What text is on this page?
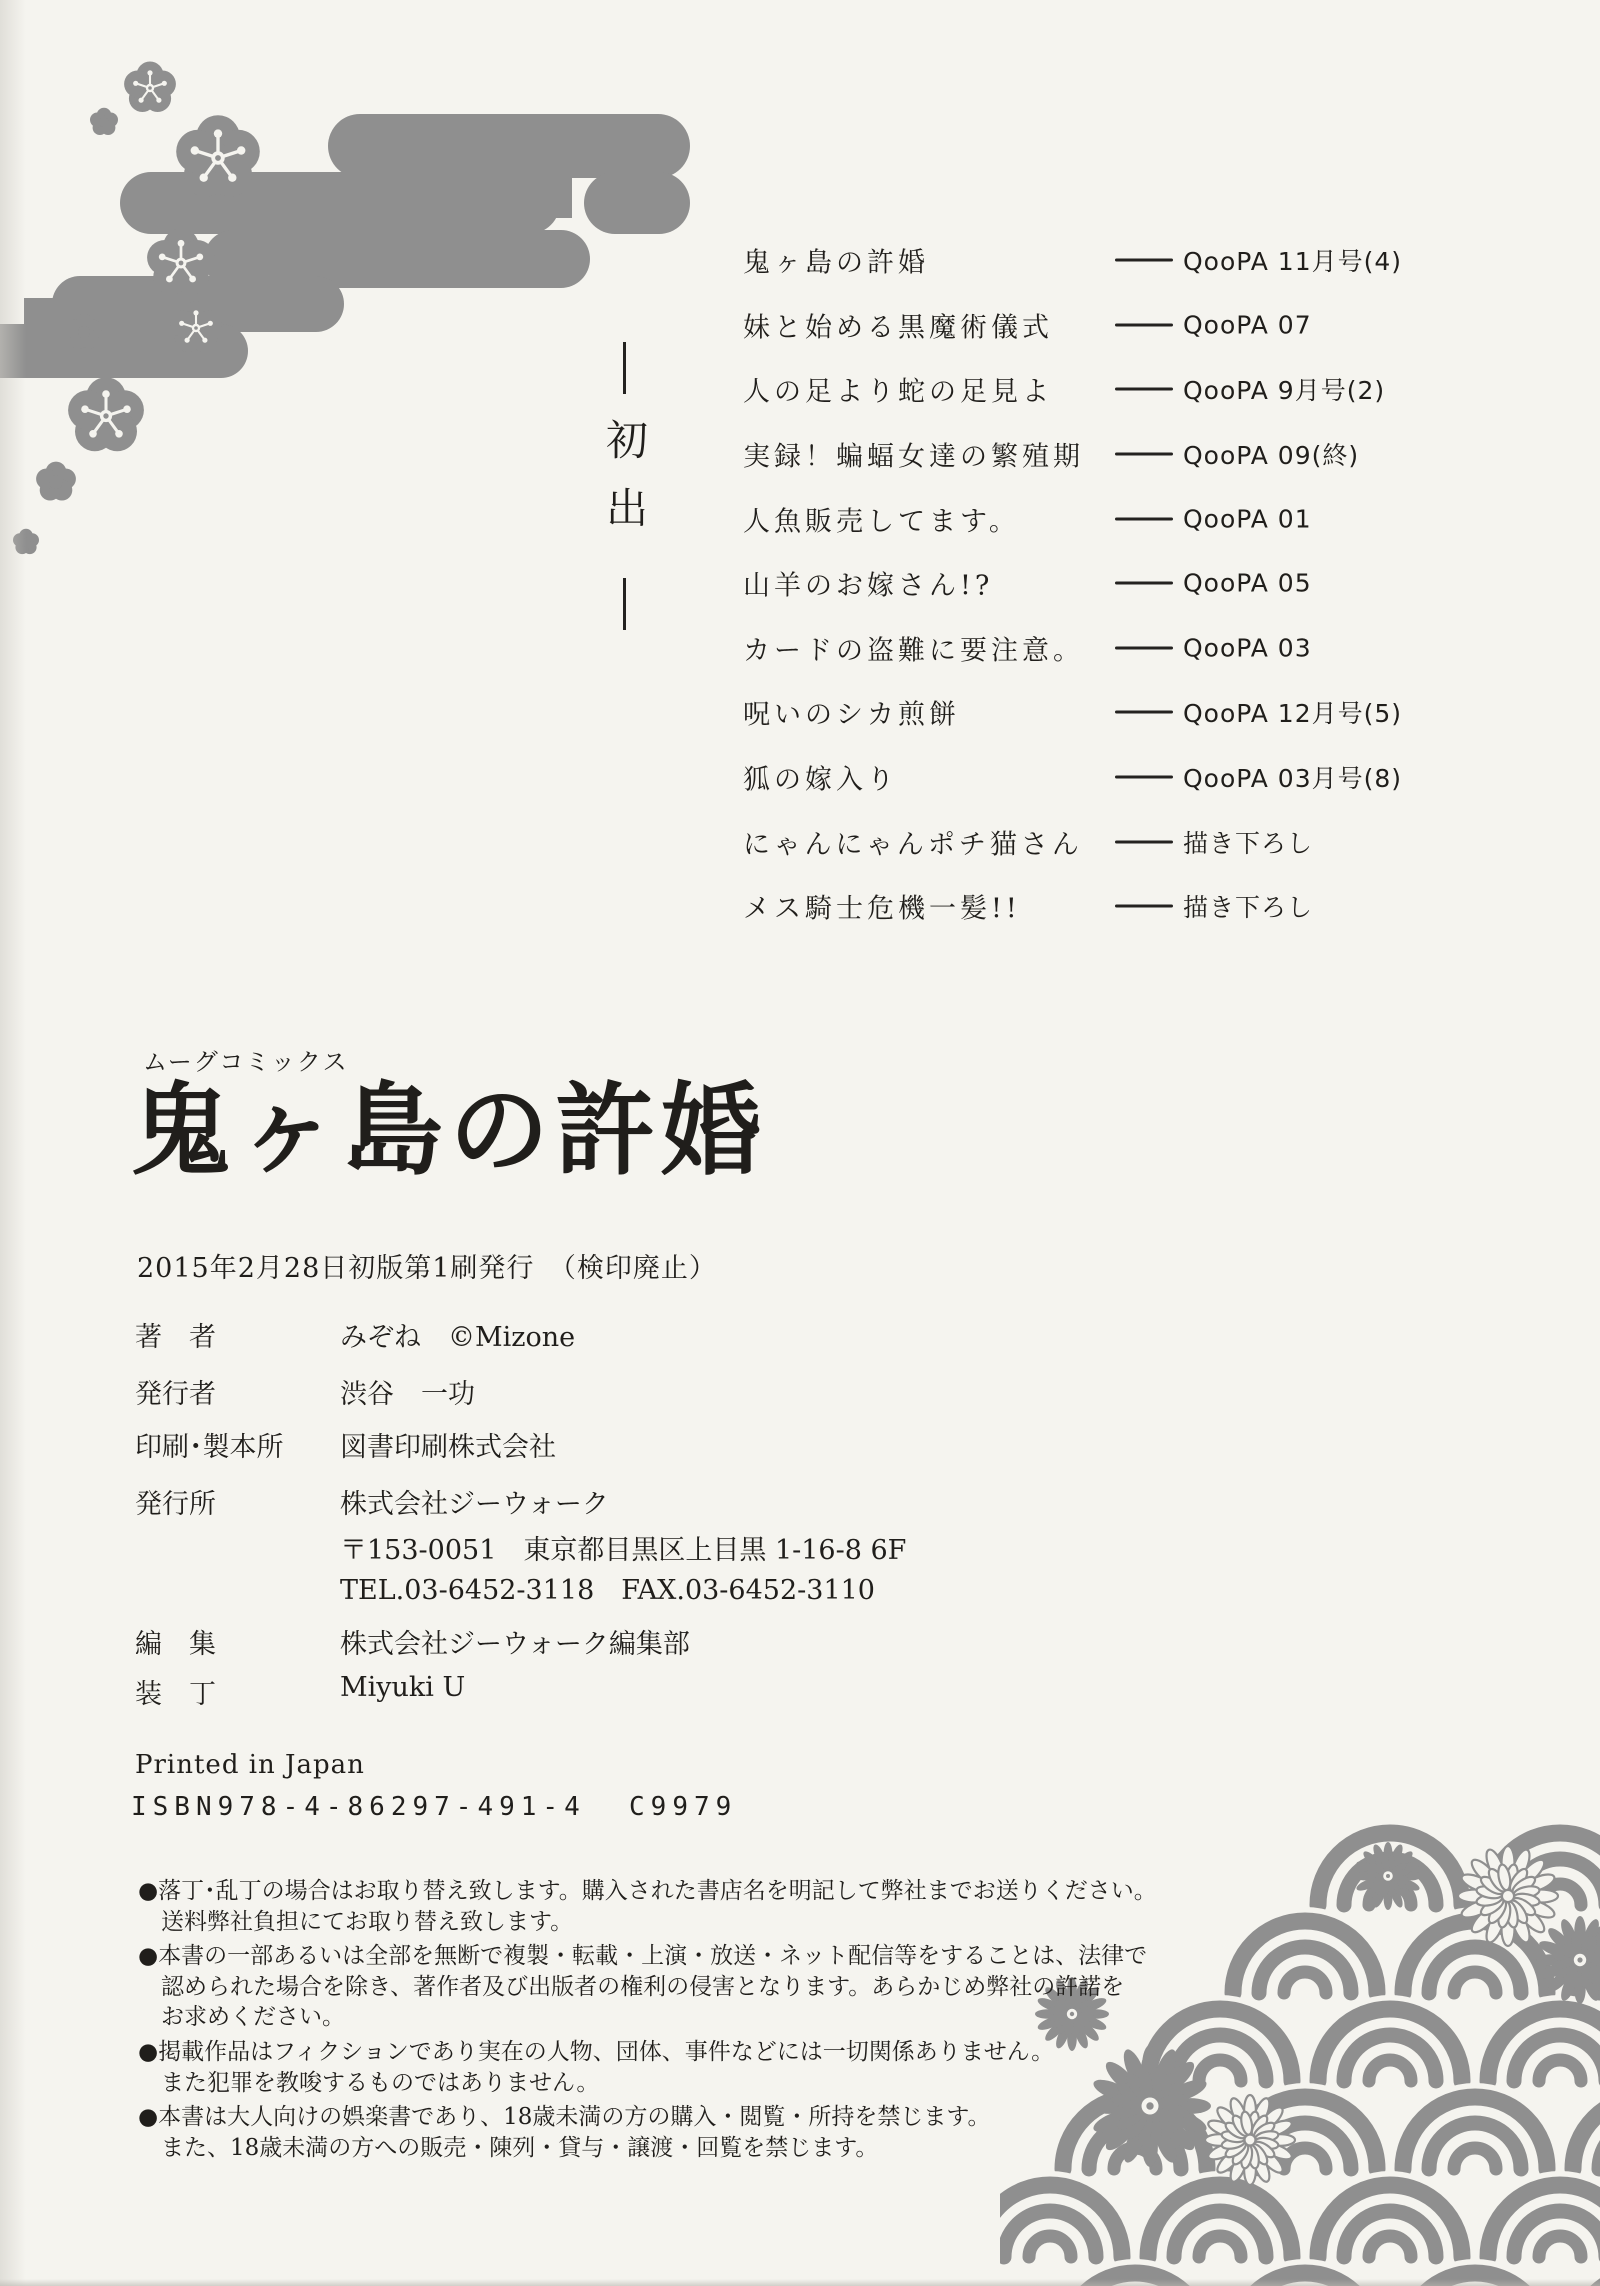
初出
鬼ヶ島の許婚	QooPA 11月号(4)
妹と始める黒魔術儀式	QooPA 07
人の足より蛇の足見よ	QooPA 9月号(2)
実録！蝙蝠女達の繁殖期	QooPA 09(終)
人魚販売してます。	QooPA 01
山羊のお嫁さん!?	QooPA 05
カードの盗難に要注意。	QooPA 03
呪いのシカ煎餅	QooPA 12月号(5)
狐の嫁入り	QooPA 03月号(8)
にゃんにゃんポチ猫さん	描き下ろし
メス騎士危機一髪!!	描き下ろし
ムーグコミックス
鬼ヶ島の許婚
2015年2月28日初版第1刷発行　（検印廃止）
著　者	みぞね　©Mizone
発行者	渋谷　一功
印刷･製本所 図書印刷株式会社
発行所	株式会社ジーウォーク
〒153-0051　東京都目黒区上目黒 1-16-8 6F
TEL.03-6452-3118　FAX.03-6452-3110
編　集	株式会社ジーウォーク編集部
装　丁	Miyuki U
Printed in Japan
ISBN978-4-86297-491-4  C9979
●落丁･乱丁の場合はお取り替え致します。購入された書店名を明記して弊社までお送りください。
送料弊社負担にてお取り替え致します。
●本書の一部あるいは全部を無断で複製・転載・上演・放送・ネット配信等をすることは、法律で
認められた場合を除き、著作者及び出版者の権利の侵害となります。あらかじめ弊社の許諾を
お求めください。
●掲載作品はフィクションであり実在の人物、団体、事件などには一切関係ありません。
また犯罪を教唆するものではありません。
●本書は大人向けの娯楽書であり、18歳未満の方の購入・閲覧・所持を禁じます。
また、18歳未満の方への販売・陳列・貸与・譲渡・回覧を禁じます。
